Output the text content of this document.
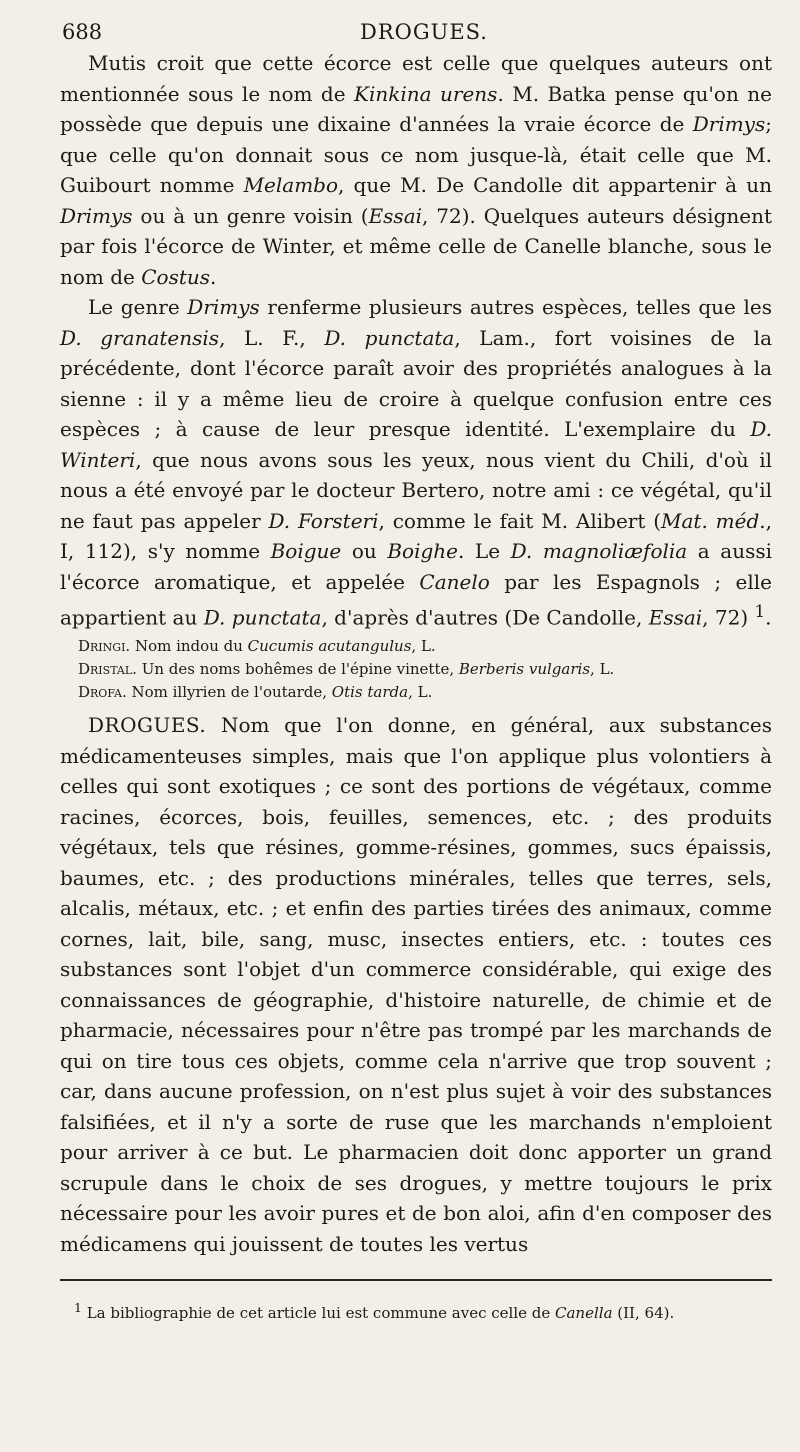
688	DROGUES.

Mutis croit que cette écorce est celle que quelques auteurs ont mentionnée sous le nom de Kinkina urens. M. Batka pense qu'on ne possède que depuis une dixaine d'années la vraie écorce de Drimys; que celle qu'on donnait sous ce nom jusque-là, était celle que M. Guibourt nomme Melambo, que M. De Candolle dit appartenir à un Drimys ou à un genre voisin (Essai, 72). Quelques auteurs désignent par fois l'écorce de Winter, et même celle de Canelle blanche, sous le nom de Costus.

Le genre Drimys renferme plusieurs autres espèces, telles que les D. granatensis, L. F., D. punctata, Lam., fort voisines de la précédente, dont l'écorce paraît avoir des propriétés analogues à la sienne : il y a même lieu de croire à quelque confusion entre ces espèces ; à cause de leur presque identité. L'exemplaire du D. Winteri, que nous avons sous les yeux, nous vient du Chili, d'où il nous a été envoyé par le docteur Bertero, notre ami : ce végétal, qu'il ne faut pas appeler D. Forsteri, comme le fait M. Alibert (Mat. méd., I, 112), s'y nomme Boigue ou Boighe. Le D. magnoliæfolia a aussi l'écorce aromatique, et appelée Canelo par les Espagnols ; elle appartient au D. punctata, d'après d'autres (De Candolle, Essai, 72) $^1$.

Dringi. Nom indou du Cucumis acutangulus, L.

Dristal. Un des noms bohêmes de l'épine vinette, Berberis vulgaris, L.

Drofa. Nom illyrien de l'outarde, Otis tarda, L.

DROGUES. Nom que l'on donne, en général, aux substances médicamenteuses simples, mais que l'on applique plus volontiers à celles qui sont exotiques ; ce sont des portions de végétaux, comme racines, écorces, bois, feuilles, semences, etc. ; des produits végétaux, tels que résines, gomme-résines, gommes, sucs épaissis, baumes, etc. ; des productions minérales, telles que terres, sels, alcalis, métaux, etc. ; et enfin des parties tirées des animaux, comme cornes, lait, bile, sang, musc, insectes entiers, etc. : toutes ces substances sont l'objet d'un commerce considérable, qui exige des connaissances de géographie, d'histoire naturelle, de chimie et de pharmacie, nécessaires pour n'être pas trompé par les marchands de qui on tire tous ces objets, comme cela n'arrive que trop souvent ; car, dans aucune profession, on n'est plus sujet à voir des substances falsifiées, et il n'y a sorte de ruse que les marchands n'emploient pour arriver à ce but. Le pharmacien doit donc apporter un grand scrupule dans le choix de ses drogues, y mettre toujours le prix nécessaire pour les avoir pures et de bon aloi, afin d'en composer des médicamens qui jouissent de toutes les vertus

$^1$ La bibliographie de cet article lui est commune avec celle de Canella (II, 64).
